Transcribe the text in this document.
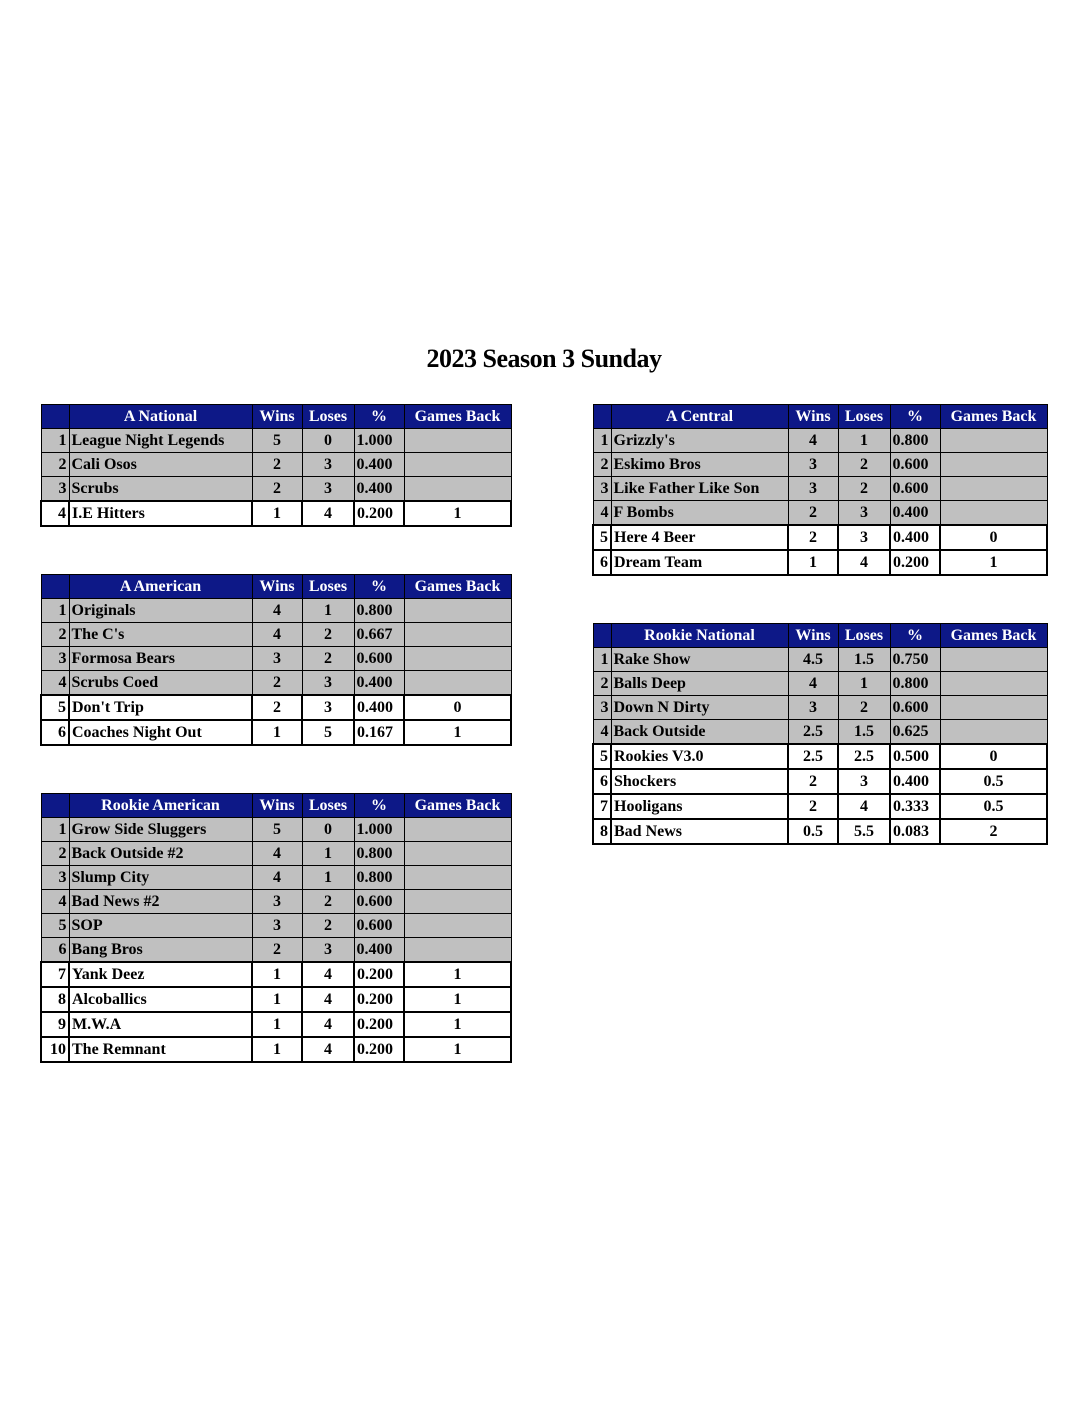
2023 Season 3 Sunday
	A National	Wins	Loses	%	Games Back
1	League Night Legends	5	0	1.000	
2	Cali Osos	2	3	0.400	
3	Scrubs	2	3	0.400	
4	I.E Hitters	1	4	0.200	1
	A Central	Wins	Loses	%	Games Back
1	Grizzly's	4	1	0.800	
2	Eskimo Bros	3	2	0.600	
3	Like Father Like Son	3	2	0.600	
4	F Bombs	2	3	0.400	
5	Here 4 Beer	2	3	0.400	0
6	Dream Team	1	4	0.200	1
	A American	Wins	Loses	%	Games Back
1	Originals	4	1	0.800	
2	The C's	4	2	0.667	
3	Formosa Bears	3	2	0.600	
4	Scrubs Coed	2	3	0.400	
5	Don't Trip	2	3	0.400	0
6	Coaches Night Out	1	5	0.167	1
	Rookie National	Wins	Loses	%	Games Back
1	Rake Show	4.5	1.5	0.750	
2	Balls Deep	4	1	0.800	
3	Down N Dirty	3	2	0.600	
4	Back Outside	2.5	1.5	0.625	
5	Rookies V3.0	2.5	2.5	0.500	0
6	Shockers	2	3	0.400	0.5
7	Hooligans	2	4	0.333	0.5
8	Bad News	0.5	5.5	0.083	2
	Rookie American	Wins	Loses	%	Games Back
1	Grow Side Sluggers	5	0	1.000	
2	Back Outside #2	4	1	0.800	
3	Slump City	4	1	0.800	
4	Bad News #2	3	2	0.600	
5	SOP	3	2	0.600	
6	Bang Bros	2	3	0.400	
7	Yank Deez	1	4	0.200	1
8	Alcoballics	1	4	0.200	1
9	M.W.A	1	4	0.200	1
10	The Remnant	1	4	0.200	1
